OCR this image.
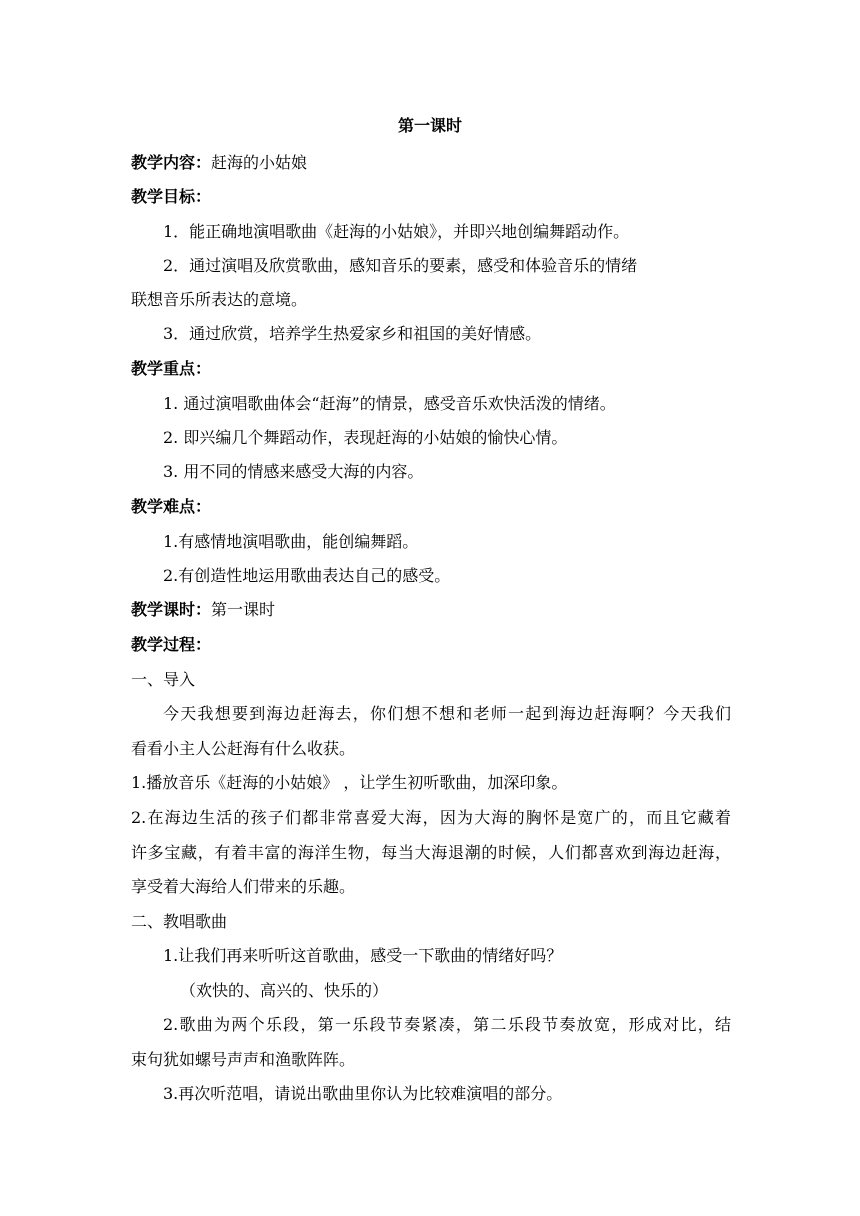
第一课时
教学内容：赶海的小姑娘
教学目标：
1．能正确地演唱歌曲《赶海的小姑娘》，并即兴地创编舞蹈动作。
2．通过演唱及欣赏歌曲，感知音乐的要素，感受和体验音乐的情绪
联想音乐所表达的意境。
3．通过欣赏，培养学生热爱家乡和祖国的美好情感。
教学重点：
1. 通过演唱歌曲体会“赶海”的情景，感受音乐欢快活泼的情绪。
2. 即兴编几个舞蹈动作，表现赶海的小姑娘的愉快心情。
3. 用不同的情感来感受大海的内容。
教学难点：
1.有感情地演唱歌曲，能创编舞蹈。
2.有创造性地运用歌曲表达自己的感受。
教学课时：第一课时
教学过程：
一、导入
今天我想要到海边赶海去，你们想不想和老师一起到海边赶海啊？今天我们
看看小主人公赶海有什么收获。
1.播放音乐《赶海的小姑娘》 ，让学生初听歌曲，加深印象。
2.在海边生活的孩子们都非常喜爱大海，因为大海的胸怀是宽广的，而且它藏着
许多宝藏，有着丰富的海洋生物，每当大海退潮的时候，人们都喜欢到海边赶海，
享受着大海给人们带来的乐趣。
二、教唱歌曲
1.让我们再来听听这首歌曲，感受一下歌曲的情绪好吗？
（欢快的、高兴的、快乐的）
2.歌曲为两个乐段，第一乐段节奏紧凑，第二乐段节奏放宽，形成对比，结
束句犹如螺号声声和渔歌阵阵。
3.再次听范唱，请说出歌曲里你认为比较难演唱的部分。
